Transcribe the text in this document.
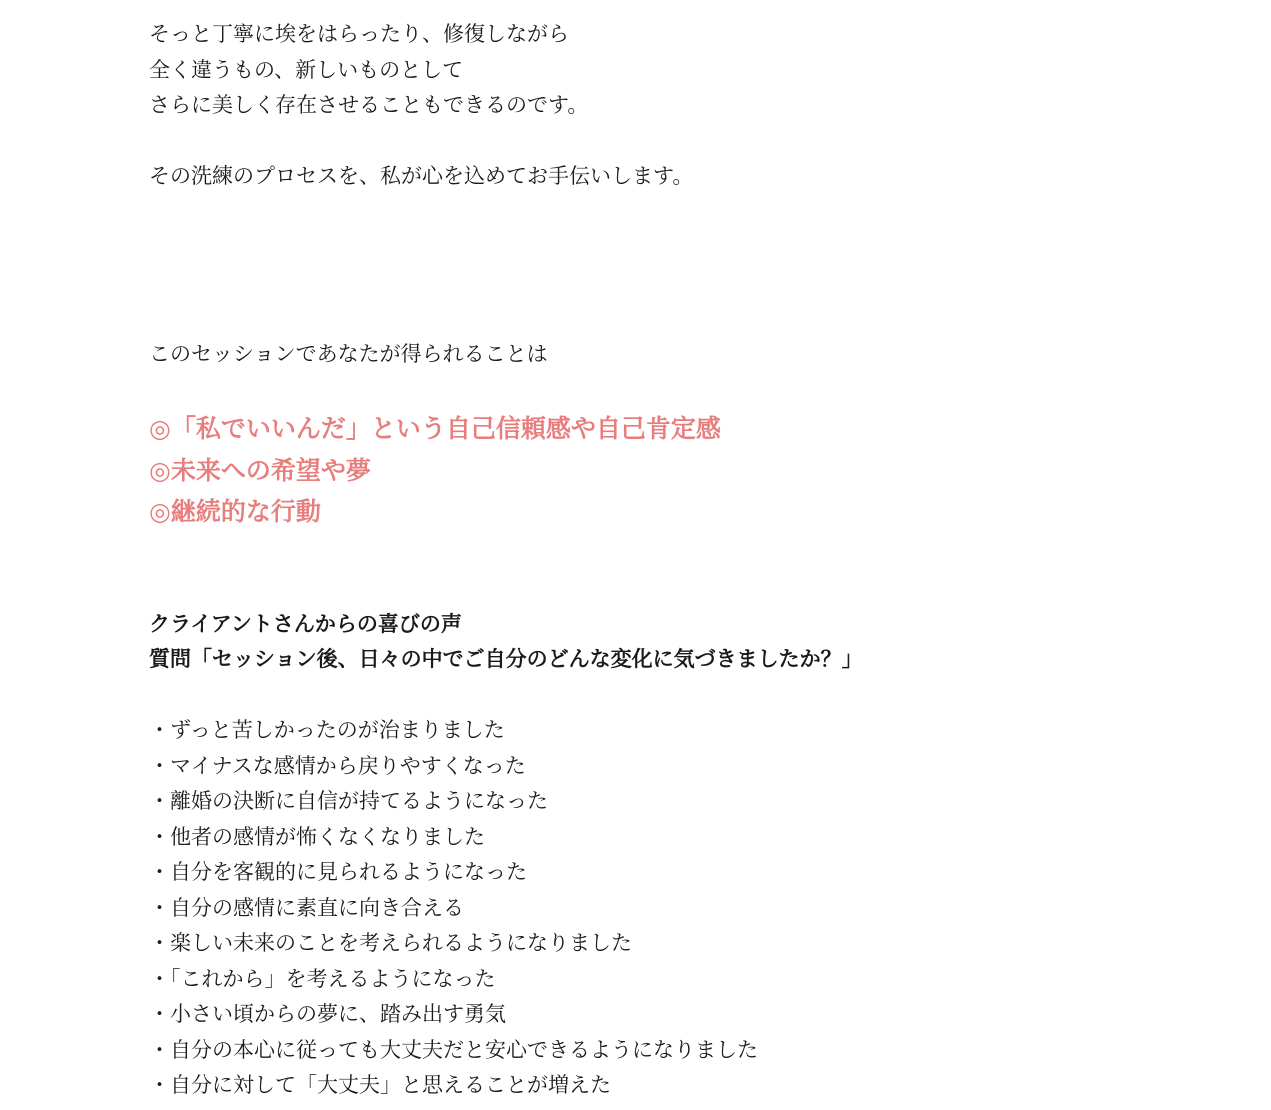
そっと丁寧に埃をはらったり、修復しながら

全く違うもの、新しいものとして

さらに美しく存在させることもできるのです。

その洗練のプロセスを、私が心を込めてお手伝いします。

このセッションであなたが得られることは

◎「私でいいんだ」という自己信頼感や自己肯定感

◎未来への希望や夢

◎継続的な行動

クライアントさんからの喜びの声

質問「セッション後、日々の中でご自分のどんな変化に気づきましたか？」

・ずっと苦しかったのが治まりました

・マイナスな感情から戻りやすくなった

・離婚の決断に自信が持てるようになった

・他者の感情が怖くなくなりました

・自分を客観的に見られるようになった

・自分の感情に素直に向き合える

・楽しい未来のことを考えられるようになりました

・「これから」を考えるようになった

・小さい頃からの夢に、踏み出す勇気

・自分の本心に従っても大丈夫だと安心できるようになりました

・自分に対して「大丈夫」と思えることが増えた
